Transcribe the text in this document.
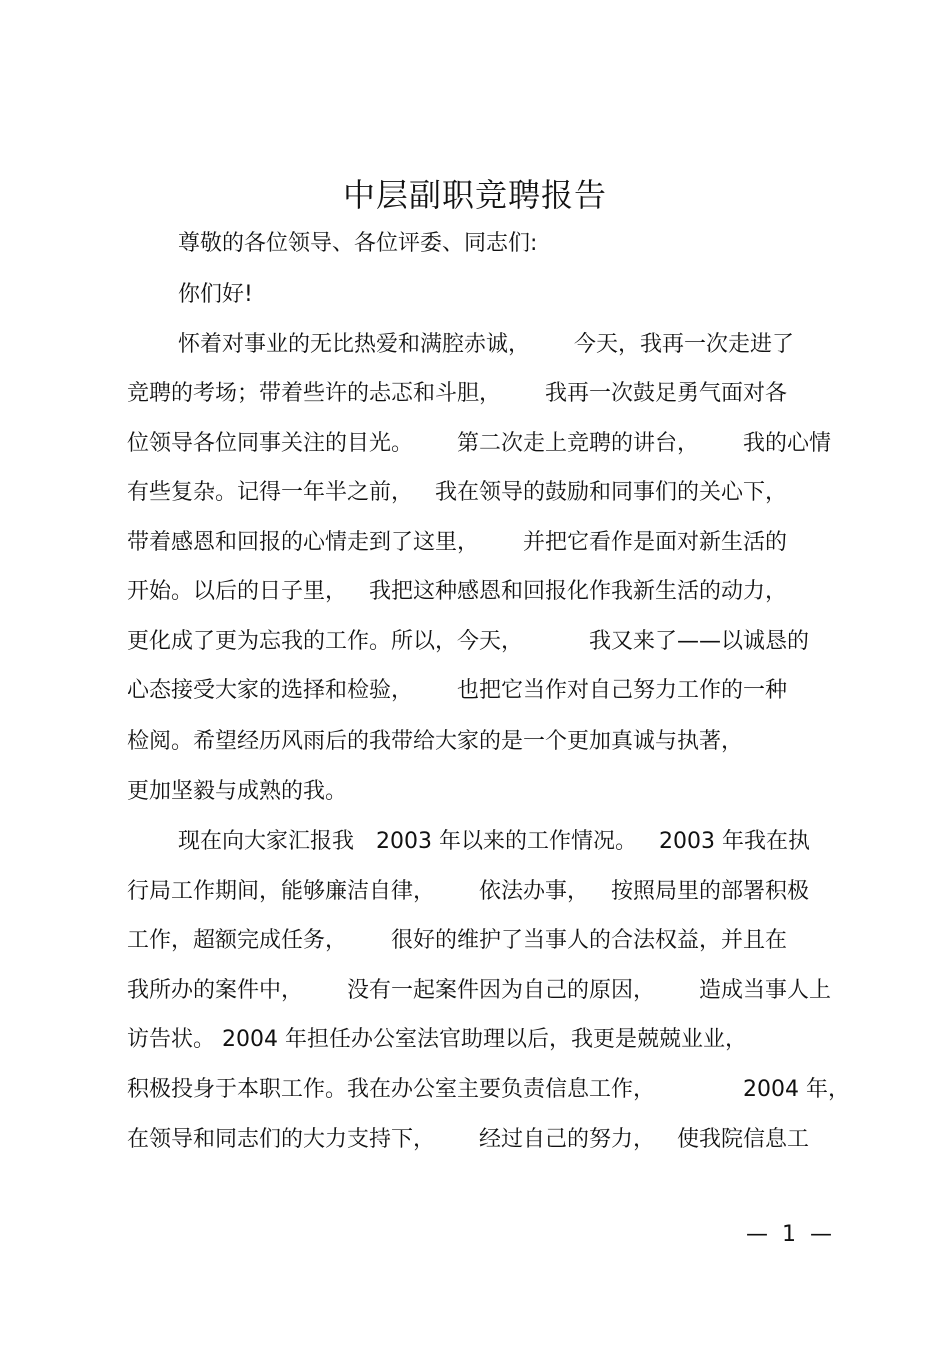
中层副职竞聘报告
尊敬的各位领导、各位评委、同志们:
你们好!
怀着对事业的无比热爱和满腔赤诚，  今天，我再一次走进了
竞聘的考场；带着些许的忐忑和斗胆，  我再一次鼓足勇气面对各
位领导各位同事关注的目光。  第二次走上竞聘的讲台，  我的心情
有些复杂。记得一年半之前， 我在领导的鼓励和同事们的关心下，
带着感恩和回报的心情走到了这里，  并把它看作是面对新生活的
开始。以后的日子里， 我把这种感恩和回报化作我新生活的动力，
更化成了更为忘我的工作。所以，今天，   我又来了——以诚恳的
心态接受大家的选择和检验，  也把它当作对自己努力工作的一种
检阅。希望经历风雨后的我带给大家的是一个更加真诚与执著，
更加坚毅与成熟的我。
现在向大家汇报我 2003 年以来的工作情况。 2003 年我在执
行局工作期间，能够廉洁自律，  依法办事， 按照局里的部署积极
工作，超额完成任务，  很好的维护了当事人的合法权益，并且在
我所办的案件中，  没有一起案件因为自己的原因，  造成当事人上
访告状。 2004 年担任办公室法官助理以后，我更是兢兢业业，
积极投身于本职工作。我在办公室主要负责信息工作，    2004 年，
在领导和同志们的大力支持下，  经过自己的努力， 使我院信息工
—  1  —
